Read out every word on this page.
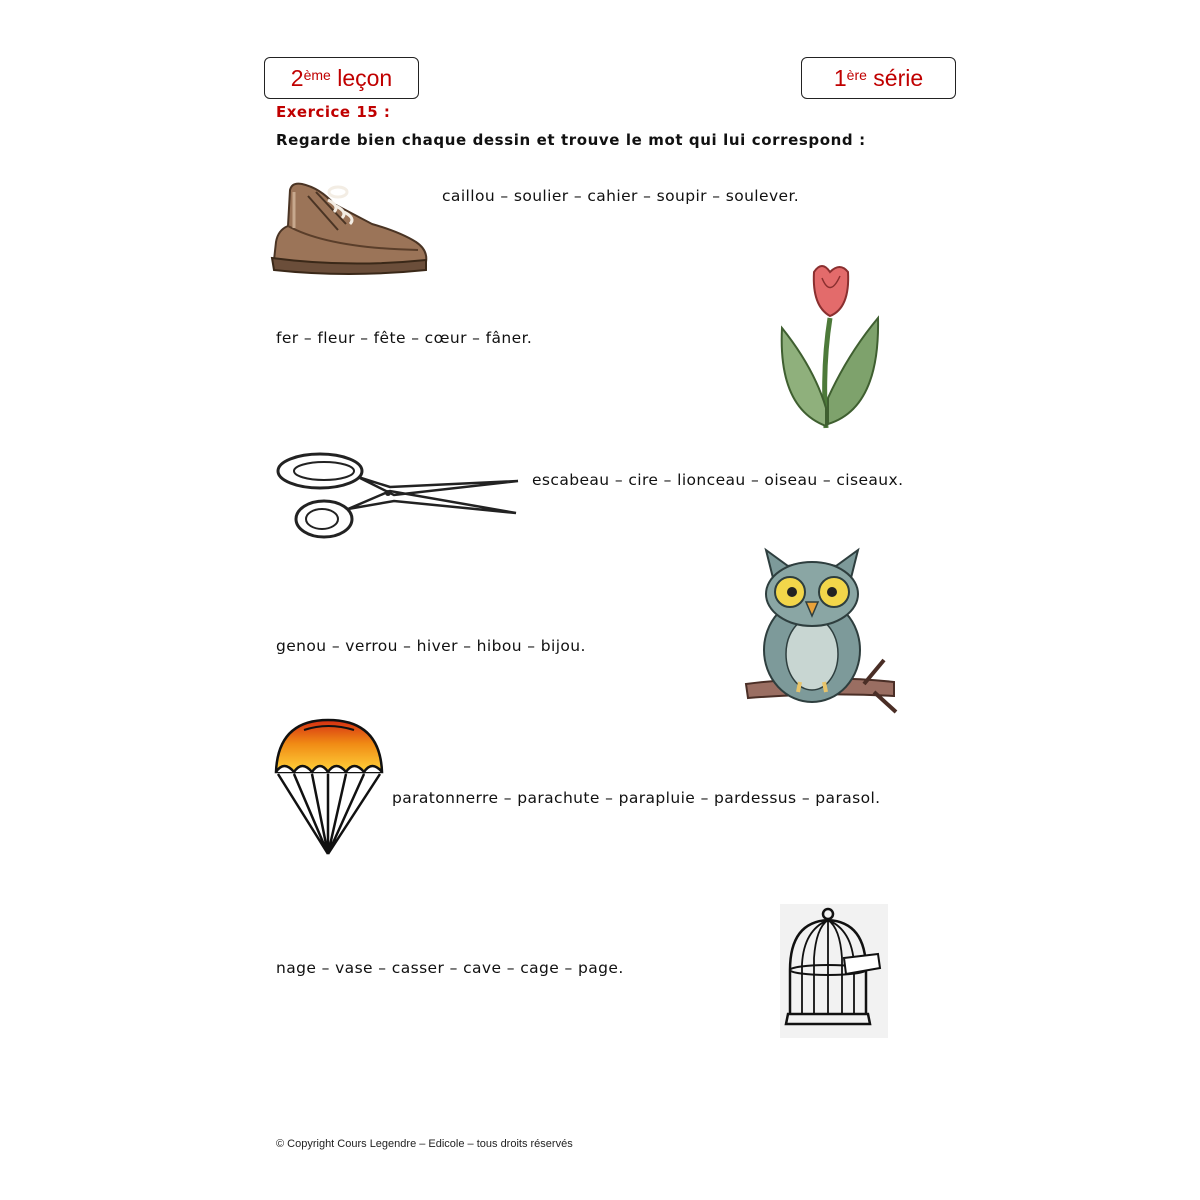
2ème
leçon	1ère
série
Exercice 15 :
Regarde bien chaque dessin et trouve le mot qui lui correspond :
caillou – soulier – cahier – soupir – soulever.
fer – fleur – fête – cœur – fâner.
escabeau – cire – lionceau – oiseau – ciseaux.
genou – verrou – hiver – hibou – bijou.
paratonnerre – parachute – parapluie – pardessus – parasol.
nage – vase – casser – cave – cage – page.
© Copyright Cours Legendre – Edicole – tous droits réservés
